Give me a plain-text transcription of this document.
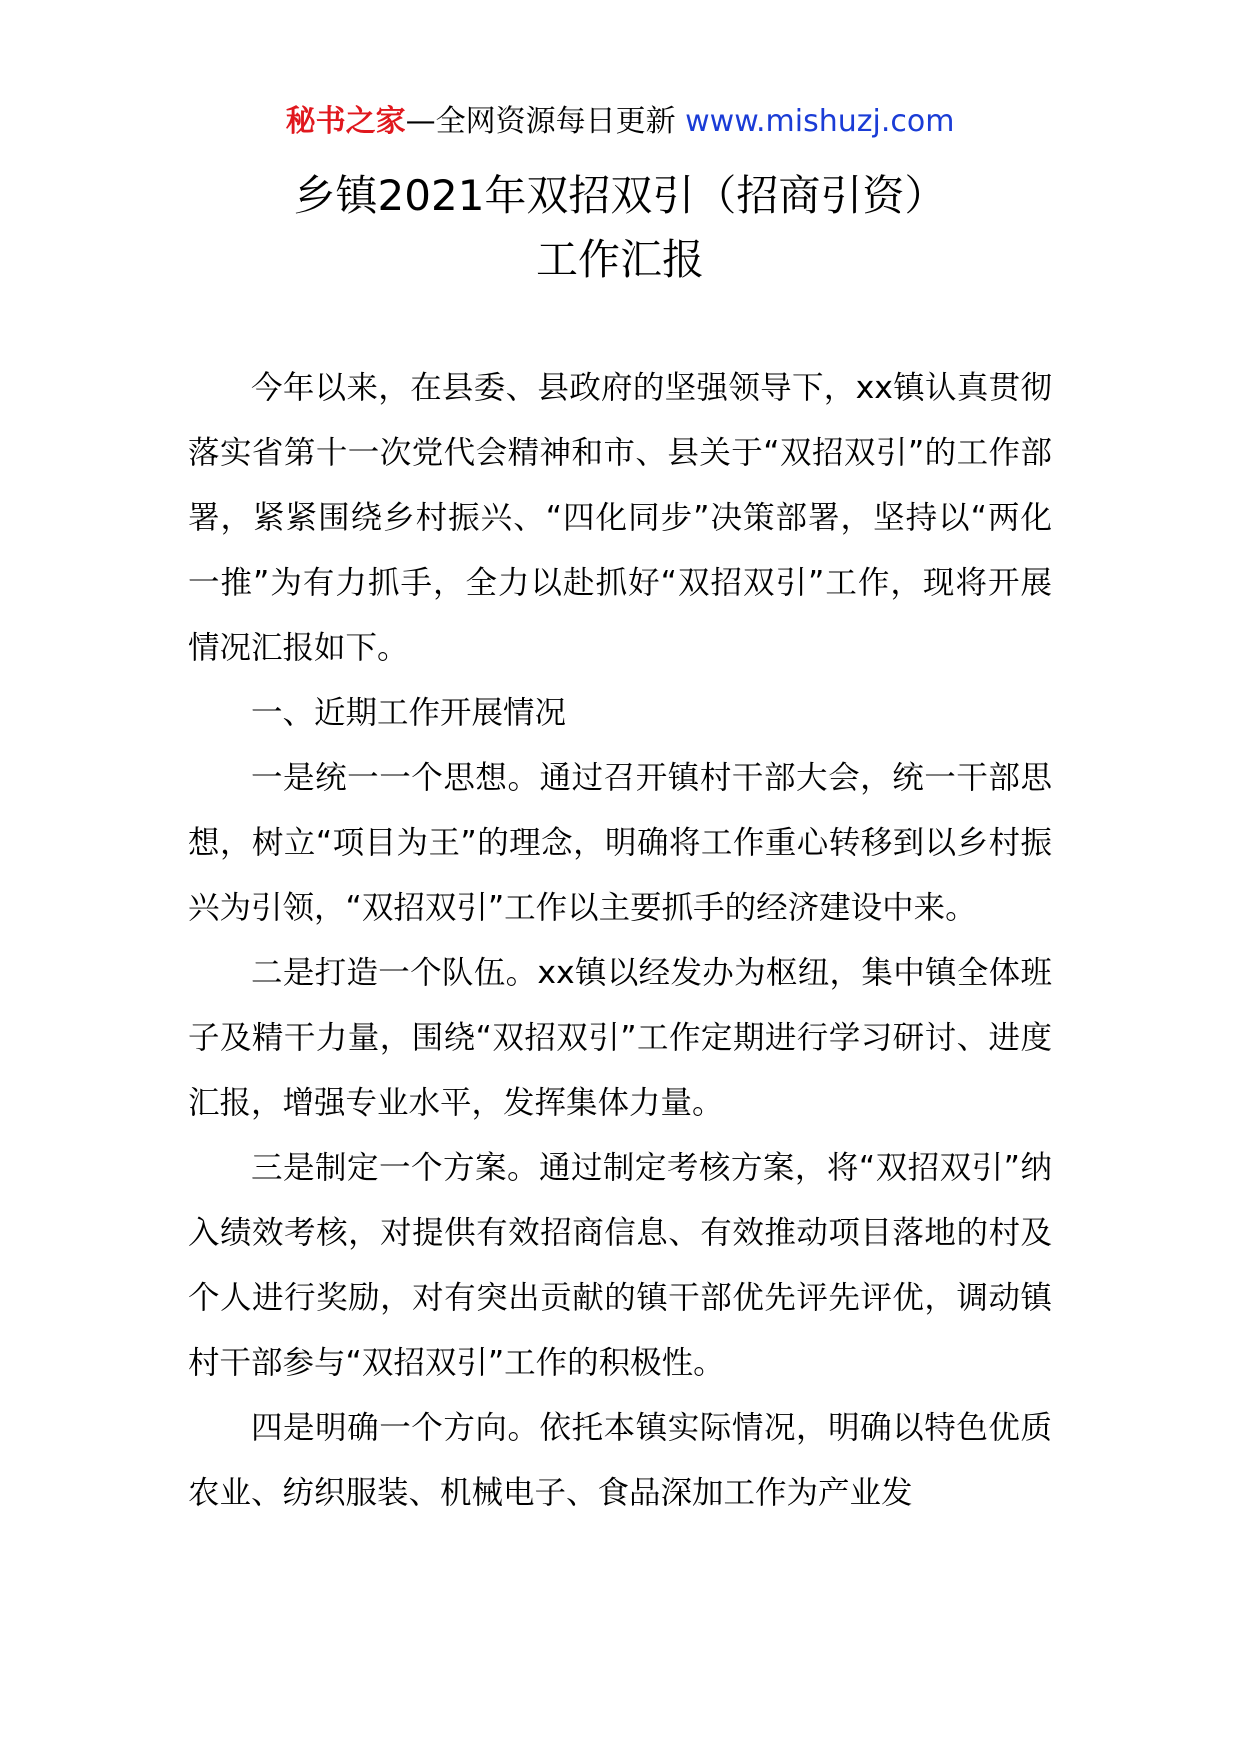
秘书之家—全网资源每日更新 www.mishuzj.com
乡镇2021年双招双引（招商引资）
工作汇报

今年以来，在县委、县政府的坚强领导下，xx镇认真贯彻落实省第十一次党代会精神和市、县关于“双招双引”的工作部署，紧紧围绕乡村振兴、“四化同步”决策部署，坚持以“两化一推”为有力抓手，全力以赴抓好“双招双引”工作，现将开展情况汇报如下。

一、近期工作开展情况

一是统一一个思想。通过召开镇村干部大会，统一干部思想，树立“项目为王”的理念，明确将工作重心转移到以乡村振兴为引领，“双招双引”工作以主要抓手的经济建设中来。

二是打造一个队伍。xx镇以经发办为枢纽，集中镇全体班子及精干力量，围绕“双招双引”工作定期进行学习研讨、进度汇报，增强专业水平，发挥集体力量。

三是制定一个方案。通过制定考核方案，将“双招双引”纳入绩效考核，对提供有效招商信息、有效推动项目落地的村及个人进行奖励，对有突出贡献的镇干部优先评先评优，调动镇村干部参与“双招双引”工作的积极性。

四是明确一个方向。依托本镇实际情况，明确以特色优质农业、纺织服装、机械电子、食品深加工作为产业发
